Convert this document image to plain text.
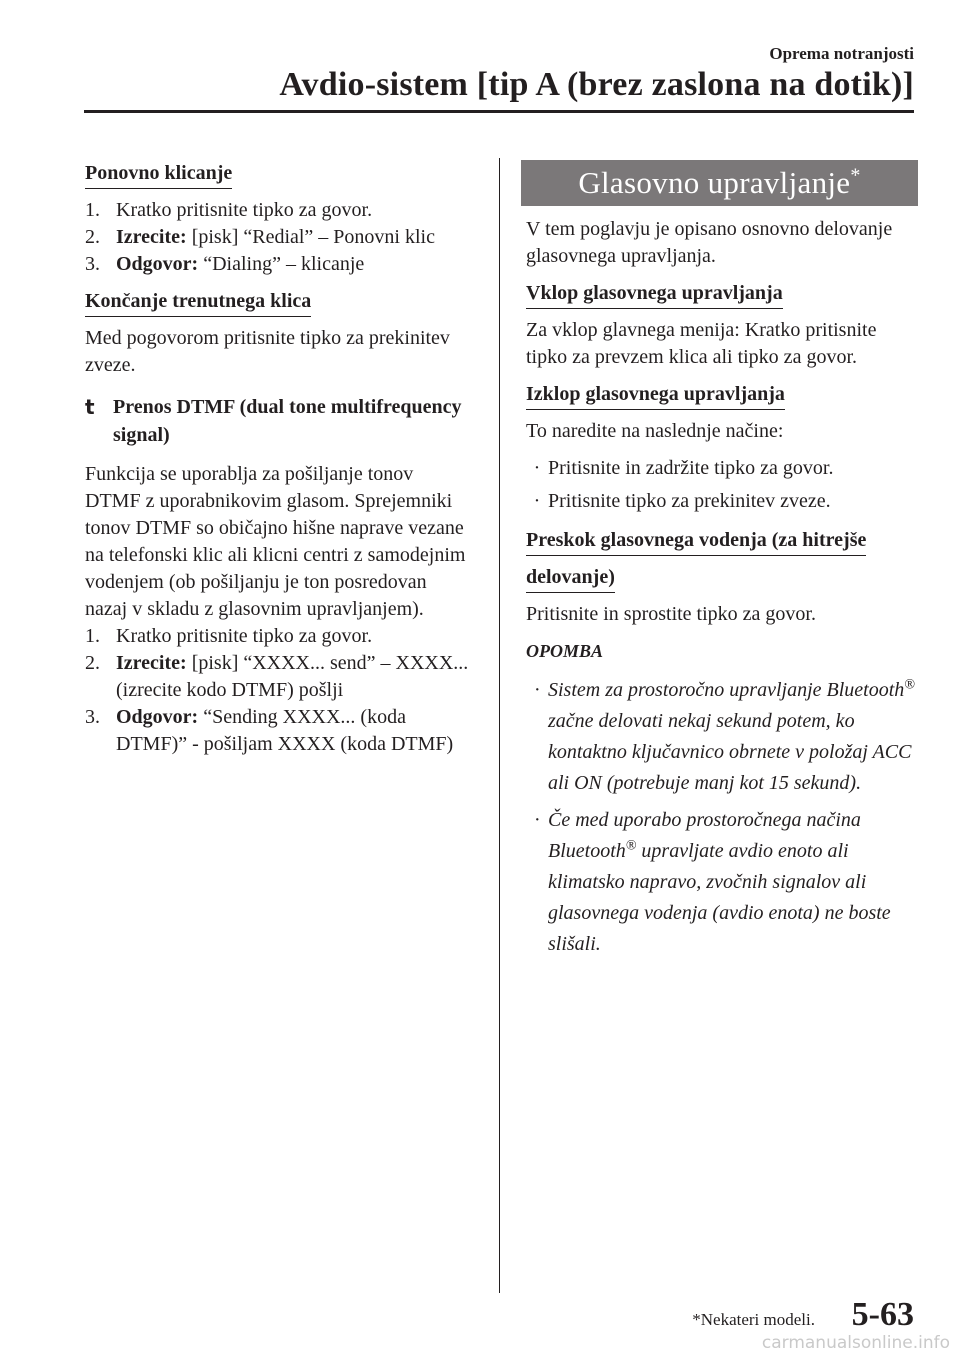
Oprema notranjosti
Avdio-sistem [tip A (brez zaslona na dotik)]
Ponovno klicanje
1. Kratko pritisnite tipko za govor.
2. Izrecite: [pisk] “Redial” – Ponovni klic
3. Odgovor: “Dialing” – klicanje
Končanje trenutnega klica

Med pogovorom pritisnite tipko za prekinitev zveze.

t Prenos DTMF (dual tone multifrequency signal)

Funkcija se uporablja za pošiljanje tonov DTMF z uporabnikovim glasom. Sprejemniki tonov DTMF so običajno hišne naprave vezane na telefonski klic ali klicni centri z samodejnim vodenjem (ob pošiljanju je ton posredovan nazaj v skladu z glasovnim upravljanjem).

1. Kratko pritisnite tipko za govor.
2. Izrecite: [pisk] “XXXX... send” – XXXX... (izrecite kodo DTMF) pošlji
3. Odgovor: “Sending XXXX... (koda DTMF)” - pošiljam XXXX (koda DTMF)
Glasovno upravljanje*

V tem poglavju je opisano osnovno delovanje glasovnega upravljanja.

Vklop glasovnega upravljanja

Za vklop glavnega menija: Kratko pritisnite tipko za prevzem klica ali tipko za govor.

Izklop glasovnega upravljanja

To naredite na naslednje načine:

· Pritisnite in zadržite tipko za govor.
· Pritisnite tipko za prekinitev zveze.
Preskok glasovnega vodenja (za hitrejše
delovanje)

Pritisnite in sprostite tipko za govor.

OPOMBA
· Sistem za prostoročno upravljanje Bluetooth® začne delovati nekaj sekund potem, ko kontaktno ključavnico obrnete v položaj ACC ali ON (potrebuje manj kot 15 sekund).
· Če med uporabo prostoročnega načina Bluetooth® upravljate avdio enoto ali klimatsko napravo, zvočnih signalov ali glasovnega vodenja (avdio enota) ne boste slišali.
*Nekateri modeli. 5-63
carmanualsonline.info
